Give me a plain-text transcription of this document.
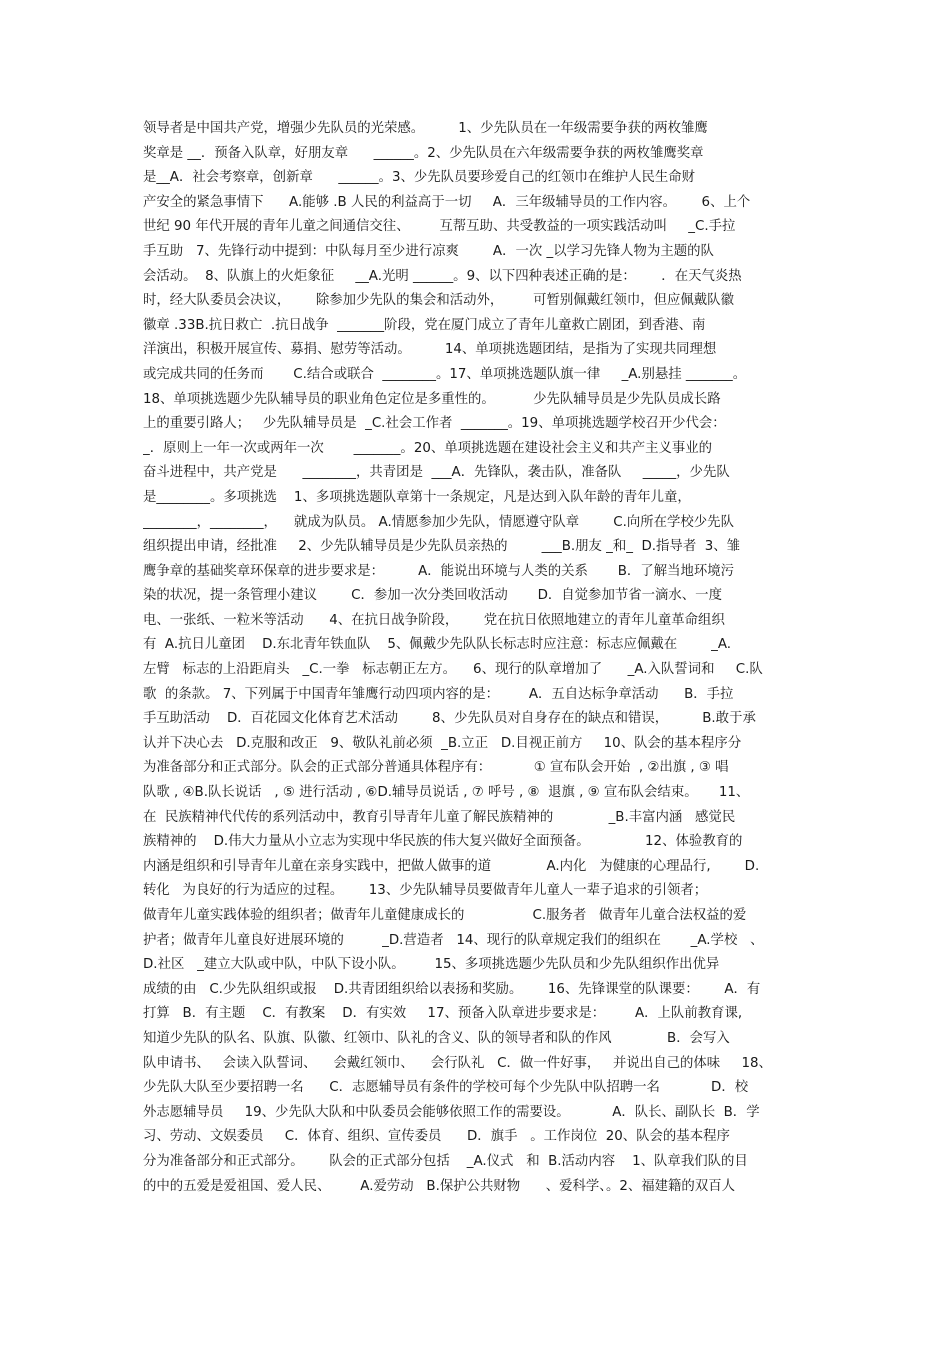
领导者是中国共产党，增强少先队员的光荣感。        1、少先队员在一年级需要争获的两枚雏鹰
奖章是 __．预备入队章，好朋友章      ______。2、少先队员在六年级需要争获的两枚雏鹰奖章
是__A．社会考察章，创新章      ______。3、少先队员要珍爱自己的红领巾在维护人民生命财
产安全的紧急事情下      A.能够 .B 人民的利益高于一切     A．三年级辅导员的工作内容。      6、上个
世纪 90 年代开展的青年儿童之间通信交往、       互帮互助、共受教益的一项实践活动叫     _C.手拉
手互助   7、先锋行动中提到：中队每月至少进行凉爽        A．一次 _以学习先锋人物为主题的队
会活动。  8、队旗上的火炬象征     __A.光明 ______。9、以下四种表述正确的是：      ．在天气炎热
时，经大队委员会决议，      除参加少先队的集会和活动外，       可暂别佩戴红领巾，但应佩戴队徽
徽章 .33B.抗日救亡  .抗日战争  _______阶段，党在厦门成立了青年儿童救亡剧团，到香港、南
洋演出，积极开展宣传、募捐、慰劳等活动。        14、单项挑选题团结，是指为了实现共同理想
或完成共同的任务而       C.结合或联合  ________。17、单项挑选题队旗一律     _A.别悬挂 _______。
18、单项挑选题少先队辅导员的职业角色定位是多重性的。         少先队辅导员是少先队员成长路
上的重要引路人；   少先队辅导员是  _C.社会工作者  _______。19、单项挑选题学校召开少代会：
_．原则上一年一次或两年一次       _______。20、单项挑选题在建设社会主义和共产主义事业的
奋斗进程中，共产党是      ________，共青团是  ___A．先锋队，袭击队，准备队     _____，少先队
是________。多项挑选    1、多项挑选题队章第十一条规定，凡是达到入队年龄的青年儿童，
________，________，    就成为队员。 A.情愿参加少先队，情愿遵守队章        C.向所在学校少先队
组织提出申请，经批准     2、少先队辅导员是少先队员亲热的        ___B.朋友 _和_  D.指导者  3、雏
鹰争章的基础奖章环保章的进步要求是：        A．能说出环境与人类的关系       B．了解当地环境污
染的状况，提一条管理小建议        C．参加一次分类回收活动       D．自觉参加节省一滴水、一度
电、一张纸、一粒米等活动      4、在抗日战争阶段，      党在抗日依照地建立的青年儿童革命组织
有  A.抗日儿童团    D.东北青年铁血队    5、佩戴少先队队长标志时应注意：标志应佩戴在        _A.
左臂   标志的上沿距肩头   _C.一拳   标志朝正左方。    6、现行的队章增加了      _A.入队誓词和     C.队
歌  的条款。 7、下列属于中国青年雏鹰行动四项内容的是：       A．五自达标争章活动      B．手拉
手互助活动    D．百花园文化体育艺术活动        8、少先队员对自身存在的缺点和错误，        B.敢于承
认并下决心去   D.克服和改正   9、敬队礼前必须  _B.立正   D.目视正前方     10、队会的基本程序分
为准备部分和正式部分。队会的正式部分普通具体程序有：          ① 宣布队会开始  , ②出旗 , ③ 唱
队歌 , ④B.队长说话   , ⑤ 进行活动 , ⑥D.辅导员说话 , ⑦ 呼号 , ⑧  退旗 , ⑨ 宣布队会结束。     11、
在  民族精神代代传的系列活动中，教育引导青年儿童了解民族精神的             _B.丰富内涵   感觉民
族精神的    D.伟大力量从小立志为实现中华民族的伟大复兴做好全面预备。             12、体验教育的
内涵是组织和引导青年儿童在亲身实践中，把做人做事的道             A.内化   为健康的心理品行,        D.
转化   为良好的行为适应的过程。      13、少先队辅导员要做青年儿童人一辈子追求的引领者；
做青年儿童实践体验的组织者；做青年儿童健康成长的                C.服务者   做青年儿童合法权益的爱
护者；做青年儿童良好进展环境的         _D.营造者   14、现行的队章规定我们的组织在       _A.学校   、
D.社区   _建立大队或中队，中队下设小队。       15、多项挑选题少先队员和少先队组织作出优异
成绩的由   C.少先队组织或报    D.共青团组织给以表扬和奖励。      16、先锋课堂的队课要：      A．有
打算   B．有主题    C．有教案    D．有实效     17、预备入队章进步要求是：       A．上队前教育课,
知道少先队的队名、队旗、队徽、红领巾、队礼的含义、队的领导者和队的作风             B．会写入
队申请书、   会读入队誓词、    会戴红领巾、    会行队礼   C．做一件好事，   并说出自己的体味     18、
少先队大队至少要招聘一名      C．志愿辅导员有条件的学校可每个少先队中队招聘一名            D．校
外志愿辅导员     19、少先队大队和中队委员会能够依照工作的需要设。          A．队长、副队长  B．学
习、劳动、文娱委员     C．体育、组织、宣传委员      D．旗手   。工作岗位  20、队会的基本程序
分为准备部分和正式部分。      队会的正式部分包括    _A.仪式   和  B.活动内容    1、队章我们队的目
的中的五爱是爱祖国、爱人民、       A.爱劳动   B.保护公共财物      、爱科学、。2、福建籍的双百人
